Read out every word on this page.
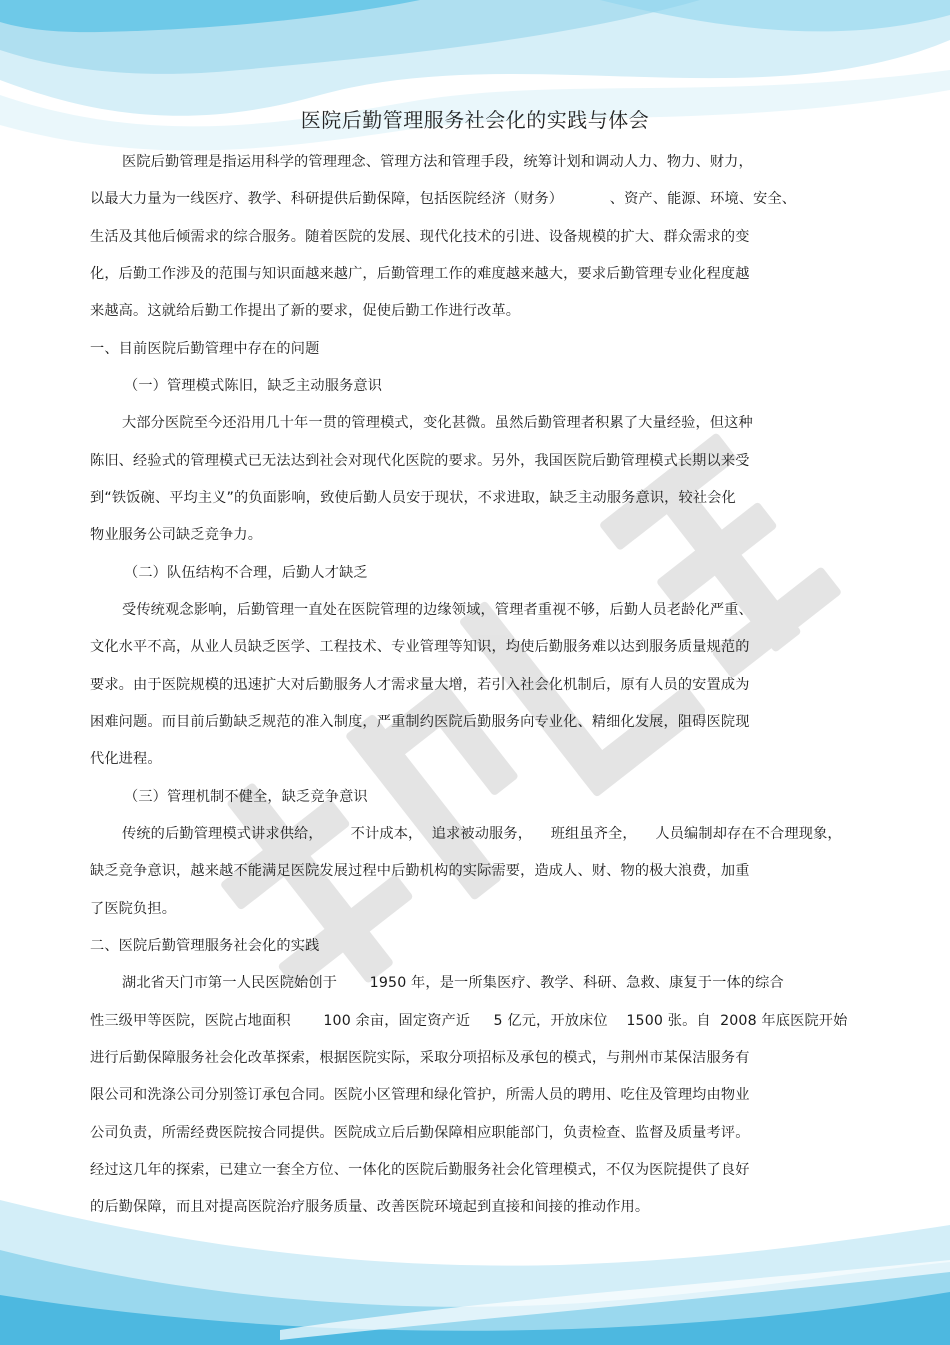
医院后勤管理服务社会化的实践与体会
医院后勤管理是指运用科学的管理理念、管理方法和管理手段，统筹计划和调动人力、物力、财力，
以最大力量为一线医疗、教学、科研提供后勤保障，包括医院经济（财务）          、资产、能源、环境、安全、
生活及其他后倾需求的综合服务。随着医院的发展、现代化技术的引进、设备规模的扩大、群众需求的变
化，后勤工作涉及的范围与知识面越来越广，后勤管理工作的难度越来越大，要求后勤管理专业化程度越
来越高。这就给后勤工作提出了新的要求，促使后勤工作进行改革。
一、目前医院后勤管理中存在的问题
（一）管理模式陈旧，缺乏主动服务意识
大部分医院至今还沿用几十年一贯的管理模式，变化甚微。虽然后勤管理者积累了大量经验，但这种
陈旧、经验式的管理模式已无法达到社会对现代化医院的要求。另外，我国医院后勤管理模式长期以来受
到“铁饭碗、平均主义”的负面影响，致使后勤人员安于现状，不求进取，缺乏主动服务意识，较社会化
物业服务公司缺乏竞争力。
（二）队伍结构不合理，后勤人才缺乏
受传统观念影响，后勤管理一直处在医院管理的边缘领域，管理者重视不够，后勤人员老龄化严重、
文化水平不高，从业人员缺乏医学、工程技术、专业管理等知识，均使后勤服务难以达到服务质量规范的
要求。由于医院规模的迅速扩大对后勤服务人才需求量大增，若引入社会化机制后，原有人员的安置成为
困难问题。而目前后勤缺乏规范的准入制度，严重制约医院后勤服务向专业化、精细化发展，阻碍医院现
代化进程。
（三）管理机制不健全，缺乏竞争意识
传统的后勤管理模式讲求供给，      不计成本，  追求被动服务，    班组虽齐全，    人员编制却存在不合理现象，
缺乏竞争意识，越来越不能满足医院发展过程中后勤机构的实际需要，造成人、财、物的极大浪费，加重
了医院负担。
二、医院后勤管理服务社会化的实践
湖北省天门市第一人民医院始创于       1950 年，是一所集医疗、教学、科研、急救、康复于一体的综合
性三级甲等医院，医院占地面积       100 余亩，固定资产近     5 亿元，开放床位    1500 张。自  2008 年底医院开始
进行后勤保障服务社会化改革探索，根据医院实际，采取分项招标及承包的模式，与荆州市某保洁服务有
限公司和洗涤公司分别签订承包合同。医院小区管理和绿化管护，所需人员的聘用、吃住及管理均由物业
公司负责，所需经费医院按合同提供。医院成立后后勤保障相应职能部门，负责检查、监督及质量考评。
经过这几年的探索，已建立一套全方位、一体化的医院后勤服务社会化管理模式，不仅为医院提供了良好
的后勤保障，而且对提高医院治疗服务质量、改善医院环境起到直接和间接的推动作用。
